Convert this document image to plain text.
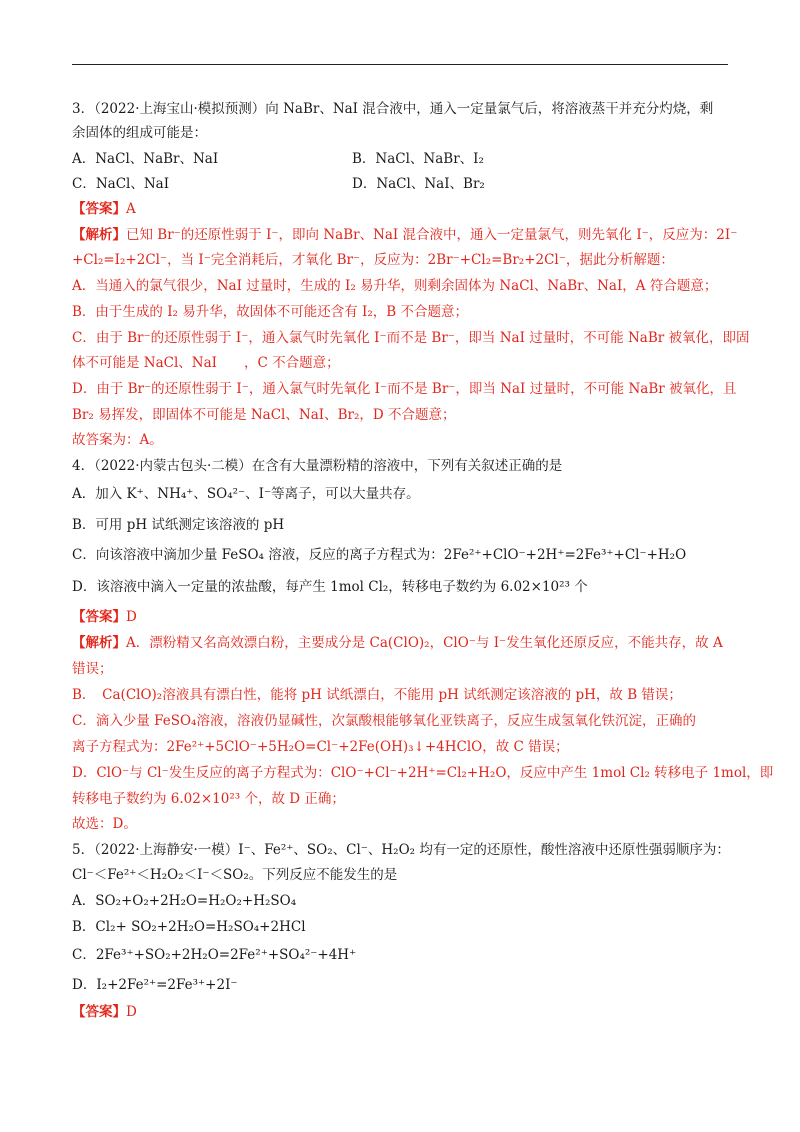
3．（2022·上海宝山·模拟预测）向 NaBr、NaI 混合液中，通入一定量氯气后，将溶液蒸干并充分灼烧，剩
余固体的组成可能是：
A．NaCl、NaBr、NaI	B．NaCl、NaBr、I₂
C．NaCl、NaI	D．NaCl、NaI、Br₂
【答案】A
【解析】已知 Br⁻的还原性弱于 I⁻，即向 NaBr、NaI 混合液中，通入一定量氯气，则先氧化 I⁻，反应为：2I⁻
+Cl₂=I₂+2Cl⁻，当 I⁻完全消耗后，才氧化 Br⁻，反应为：2Br⁻+Cl₂=Br₂+2Cl⁻，据此分析解题：
A．当通入的氯气很少，NaI 过量时，生成的 I₂ 易升华，则剩余固体为 NaCl、NaBr、NaI，A 符合题意；
B．由于生成的 I₂ 易升华，故固体不可能还含有 I₂，B 不合题意；
C．由于 Br⁻的还原性弱于 I⁻，通入氯气时先氧化 I⁻而不是 Br⁻，即当 NaI 过量时，不可能 NaBr 被氧化，即固
体不可能是 NaCl、NaI　　，C 不合题意；
D．由于 Br⁻的还原性弱于 I⁻，通入氯气时先氧化 I⁻而不是 Br⁻，即当 NaI 过量时，不可能 NaBr 被氧化，且
Br₂ 易挥发，即固体不可能是 NaCl、NaI、Br₂，D 不合题意；
故答案为：A。
4．（2022·内蒙古包头·二模）在含有大量漂粉精的溶液中，下列有关叙述正确的是
A．加入 K⁺、NH₄⁺、SO₄²⁻、I⁻等离子，可以大量共存。
B．可用 pH 试纸测定该溶液的 pH
C．向该溶液中滴加少量 FeSO₄ 溶液，反应的离子方程式为：2Fe²⁺+ClO⁻+2H⁺=2Fe³⁺+Cl⁻+H₂O
D．该溶液中滴入一定量的浓盐酸，每产生 1mol Cl₂，转移电子数约为 6.02×10²³ 个
【答案】D
【解析】A．漂粉精又名高效漂白粉，主要成分是 Ca(ClO)₂，ClO⁻与 I⁻发生氧化还原反应，不能共存，故 A
错误；
B．　Ca(ClO)₂溶液具有漂白性，能将 pH 试纸漂白，不能用 pH 试纸测定该溶液的 pH，故 B 错误；
C．滴入少量 FeSO₄溶液，溶液仍显碱性，次氯酸根能够氧化亚铁离子，反应生成氢氧化铁沉淀，正确的
离子方程式为：2Fe²⁺+5ClO⁻+5H₂O=Cl⁻+2Fe(OH)₃↓+4HClO，故 C 错误；
D．ClO⁻与 Cl⁻发生反应的离子方程式为：ClO⁻+Cl⁻+2H⁺=Cl₂+H₂O，反应中产生 1mol Cl₂ 转移电子 1mol，即
转移电子数约为 6.02×10²³ 个，故 D 正确；
故选：D。
5．（2022·上海静安·一模）I⁻、Fe²⁺、SO₂、Cl⁻、H₂O₂ 均有一定的还原性，酸性溶液中还原性强弱顺序为：
Cl⁻＜Fe²⁺＜H₂O₂＜I⁻＜SO₂。下列反应不能发生的是
A．SO₂+O₂+2H₂O=H₂O₂+H₂SO₄
B．Cl₂+ SO₂+2H₂O=H₂SO₄+2HCl
C．2Fe³⁺+SO₂+2H₂O=2Fe²⁺+SO₄²⁻+4H⁺
D．I₂+2Fe²⁺=2Fe³⁺+2I⁻
【答案】D
